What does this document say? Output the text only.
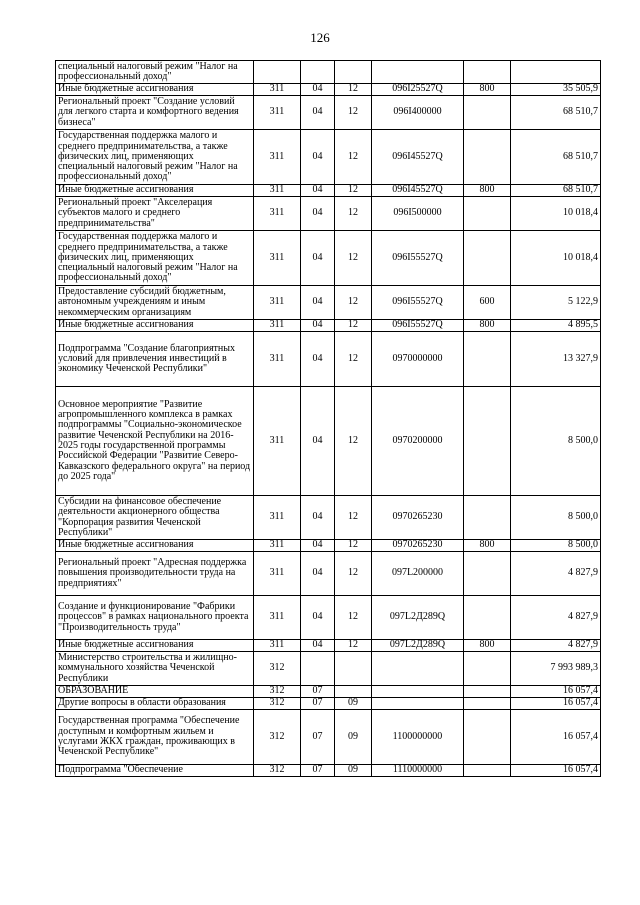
126
специальный налоговый режим "Налог на профессиональный доход"						
Иные бюджетные ассигнования	311	04	12	096I25527Q	800	35 505,9
Региональный проект "Создание условий для легкого старта и комфортного ведения бизнеса"	311	04	12	096I400000		68 510,7
Государственная поддержка малого и среднего предпринимательства, а также физических лиц, применяющих специальный налоговый режим "Налог на профессиональный доход"	311	04	12	096I45527Q		68 510,7
Иные бюджетные ассигнования	311	04	12	096I45527Q	800	68 510,7
Региональный проект "Акселерация субъектов малого и среднего предпринимательства"	311	04	12	096I500000		10 018,4
Государственная поддержка малого и среднего предпринимательства, а также физических лиц, применяющих специальный налоговый режим "Налог на профессиональный доход"	311	04	12	096I55527Q		10 018,4
Предоставление субсидий бюджетным, автономным учреждениям и иным некоммерческим организациям	311	04	12	096I55527Q	600	5 122,9
Иные бюджетные ассигнования	311	04	12	096I55527Q	800	4 895,5
Подпрограмма "Создание благоприятных условий для привлечения инвестиций в экономику Чеченской Республики"	311	04	12	0970000000		13 327,9
Основное мероприятие "Развитие агропромышленного комплекса в рамках подпрограммы "Социально-экономическое развитие Чеченской Республики на 2016-2025 годы государственной программы Российской Федерации "Развитие Северо-Кавказского федерального округа" на период до 2025 года"	311	04	12	0970200000		8 500,0
Субсидии на финансовое обеспечение деятельности акционерного общества "Корпорация развития Чеченской Республики"	311	04	12	0970265230		8 500,0
Иные бюджетные ассигнования	311	04	12	0970265230	800	8 500,0
Региональный проект "Адресная поддержка повышения производительности труда на предприятиях"	311	04	12	097L200000		4 827,9
Создание и функционирование "Фабрики процессов" в рамках национального проекта "Производительность труда"	311	04	12	097L2Д289Q		4 827,9
Иные бюджетные ассигнования	311	04	12	097L2Д289Q	800	4 827,9
Министерство строительства и жилищно-коммунального хозяйства Чеченской Республики	312					7 993 989,3
ОБРАЗОВАНИЕ	312	07				16 057,4
Другие вопросы в области образования	312	07	09			16 057,4
Государственная программа "Обеспечение доступным и комфортным жильем и услугами ЖКХ граждан, проживающих в Чеченской Республике"	312	07	09	1100000000		16 057,4
Подпрограмма "Обеспечение	312	07	09	1110000000		16 057,4
